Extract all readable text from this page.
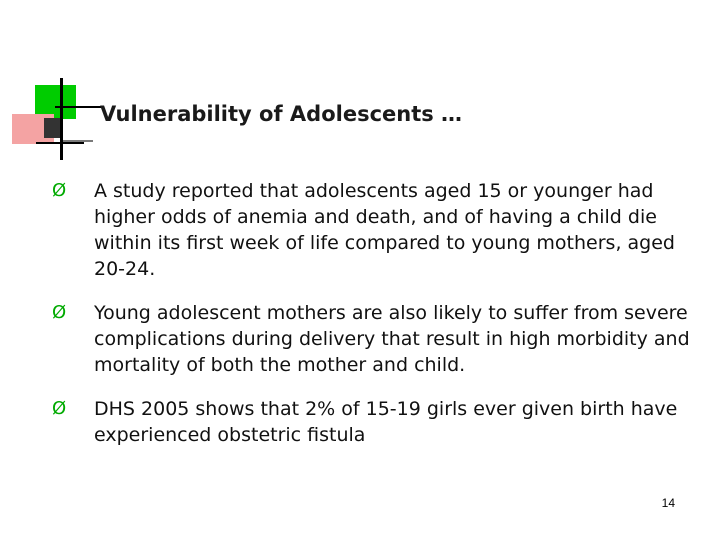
Vulnerability of Adolescents …
Ø A study reported that adolescents aged 15 or younger had higher odds of anemia and death, and of having a child die within its first week of life compared to young mothers, aged 20-24.
Ø Young adolescent mothers are also likely to suffer from severe complications during delivery that result in high morbidity and mortality of both the mother and child.
Ø DHS 2005 shows that 2% of 15-19 girls ever given birth have experienced obstetric fistula
14
